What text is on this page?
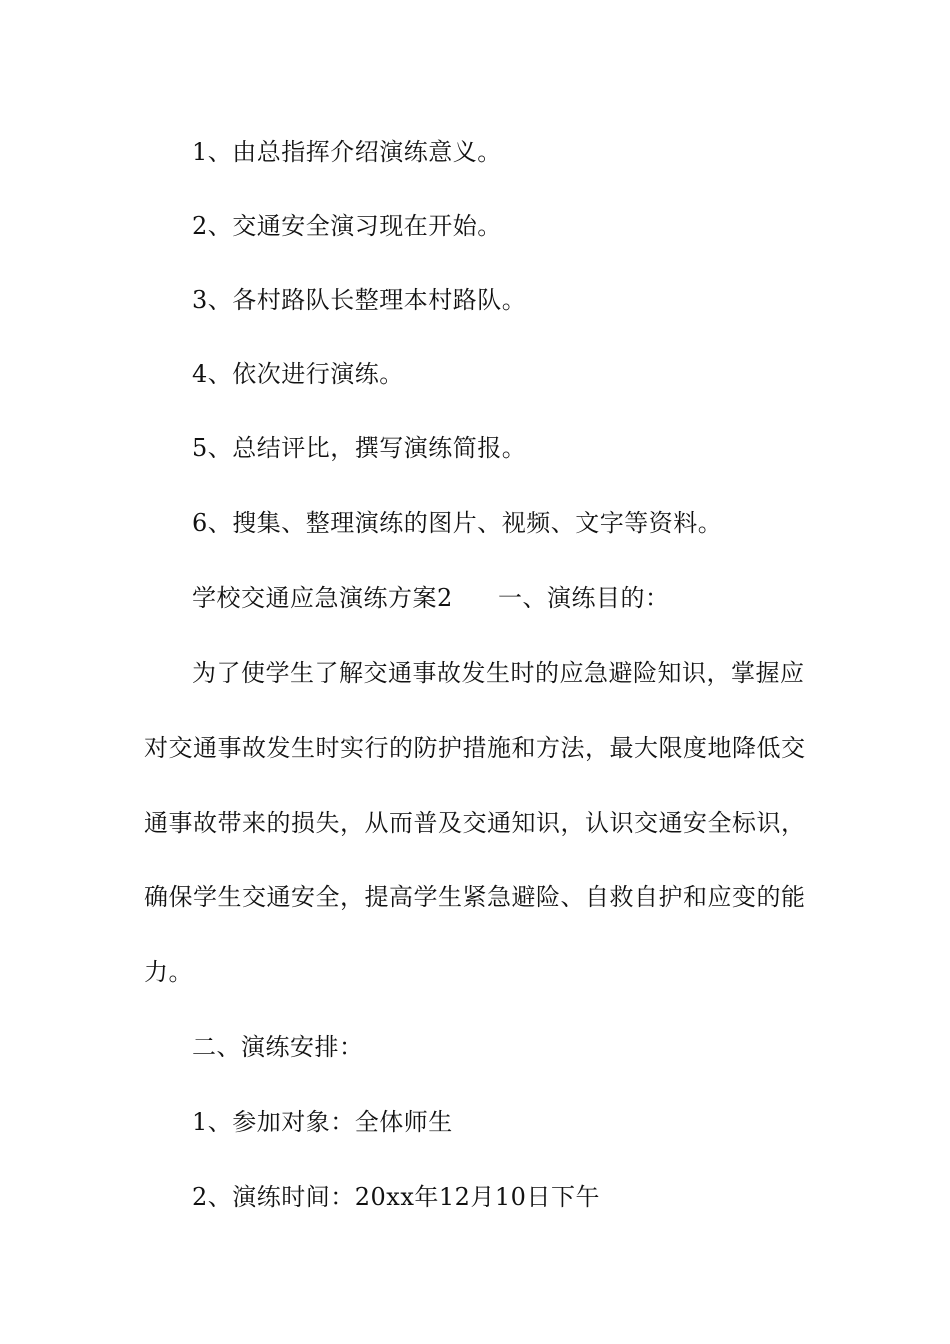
1、由总指挥介绍演练意义。
2、交通安全演习现在开始。
3、各村路队长整理本村路队。
4、依次进行演练。
5、总结评比，撰写演练简报。
6、搜集、整理演练的图片、视频、文字等资料。
学校交通应急演练方案2 一、演练目的：
为了使学生了解交通事故发生时的应急避险知识，掌握应
对交通事故发生时实行的防护措施和方法，最大限度地降低交
通事故带来的损失，从而普及交通知识，认识交通安全标识，
确保学生交通安全，提高学生紧急避险、自救自护和应变的能
力。
二、演练安排：
1、参加对象：全体师生
2、演练时间：20xx年12月10日下午
